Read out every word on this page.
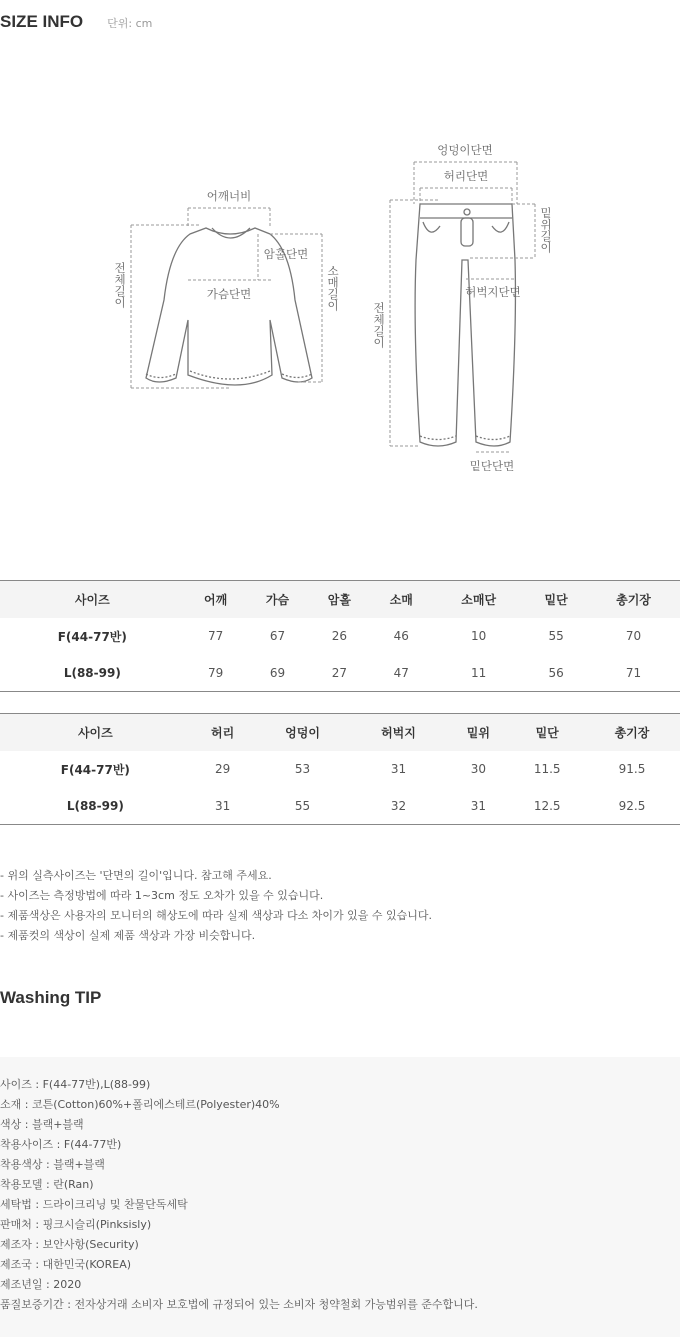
SIZE INFO 단위: cm
어깨너비
암홀단면
가슴단면
전체길이	소매길이
엉덩이단면
허리단면
밑위길이
허벅지단면
전체길이
밑단단면
사이즈	어깨	가슴	암홀	소매	소매단	밑단	총기장
F(44-77반)	77	67	26	46	10	55	70
L(88-99)	79	69	27	47	11	56	71
사이즈	허리	엉덩이	허벅지	밑위	밑단	총기장	
F(44-77반)	29	53	31	30	11.5	91.5	
L(88-99)	31	55	32	31	12.5	92.5	

- 위의 실측사이즈는 '단면의 길이'입니다. 참고해 주세요.

- 사이즈는 측정방법에 따라 1~3cm 정도 오차가 있을 수 있습니다.

- 제품색상은 사용자의 모니터의 해상도에 따라 실제 색상과 다소 차이가 있을 수 있습니다.

- 제품컷의 색상이 실제 제품 색상과 가장 비슷합니다.

Washing TIP

사이즈 : F(44-77반),L(88-99)

소재 : 코튼(Cotton)60%+폴리에스테르(Polyester)40%

색상 : 블랙+블랙

착용사이즈 : F(44-77반)

착용색상 : 블랙+블랙

착용모델 : 란(Ran)

세탁법 : 드라이크리닝 및 찬물단독세탁

판매처 : 핑크시슬리(Pinksisly)

제조자 : 보안사항(Security)

제조국 : 대한민국(KOREA)

제조년일 : 2020

품질보증기간 : 전자상거래 소비자 보호법에 규정되어 있는 소비자 청약철회 가능범위를 준수합니다.
